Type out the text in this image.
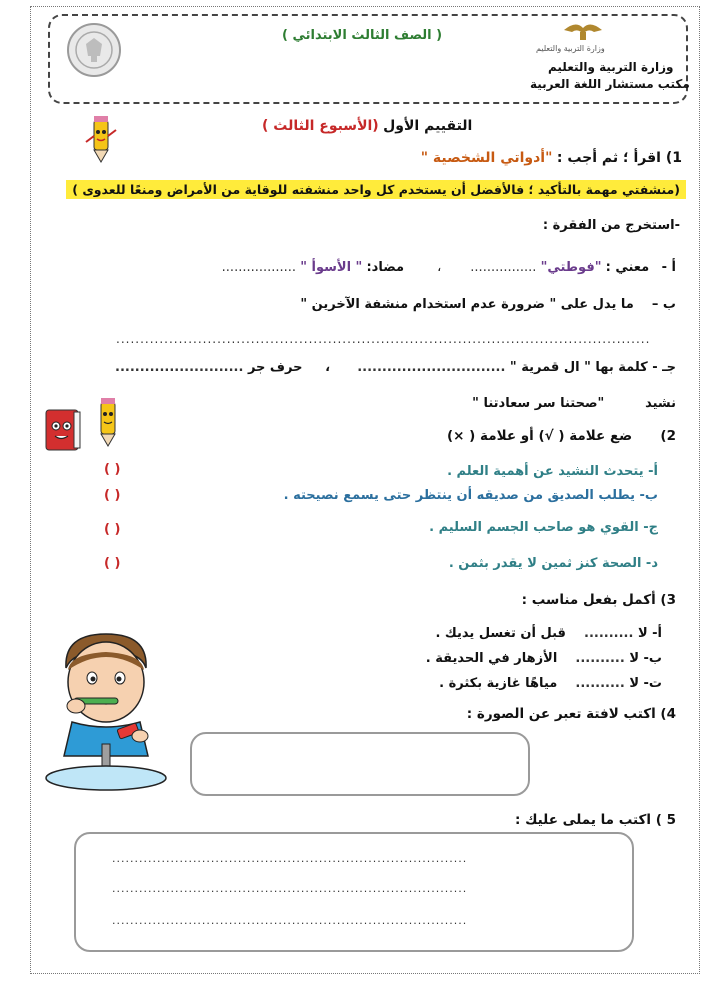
وزارة التربية والتعليم
( الصف الثالث الابتدائي )
وزارة التربية والتعليم
مكتب مستشار اللغة العربية
التقييم الأول (الأسبوع الثالث )
1) اقرأ ؛ ثم أجب : "أدواتي الشخصية "
(منشفتي مهمة بالتأكيد ؛ فالأفضل أن يستخدم كل واحد منشفته للوقاية من الأمراض ومنعًا للعدوى )
-استخرج من الفقرة :
أ -   معني : "فوطتي" ................       ،        مضاد: " الأسوأ " ..................
ب –    ما يدل على " ضرورة عدم استخدام منشفة الآخرين "
...............................................................................................................
جـ - كلمة بها " ال قمرية " ..............................      ،     حرف جر ..........................
نشيد         "صحتنا سر سعادتنا "
2)      ضع علامة ( √) أو علامة ( ×)
أ- يتحدث النشيد عن أهمية العلم .
( )
ب- يطلب الصديق من صديقه أن ينتظر حتى يسمع نصيحته .
( )
ج- القوي هو صاحب الجسم السليم .
( )
د- الصحة كنز ثمين لا يقدر بثمن .
( )
3) أكمل بفعل مناسب :
أ- لا ..........    قبل أن تغسل يديك .
ب- لا ..........    الأزهار في الحديقة .
ت- لا ..........    مياهًا غازية بكثرة .
4) اكتب لافتة تعبر عن الصورة :
5 ) اكتب ما يملى عليك :
...............................................................................
...............................................................................
...............................................................................
